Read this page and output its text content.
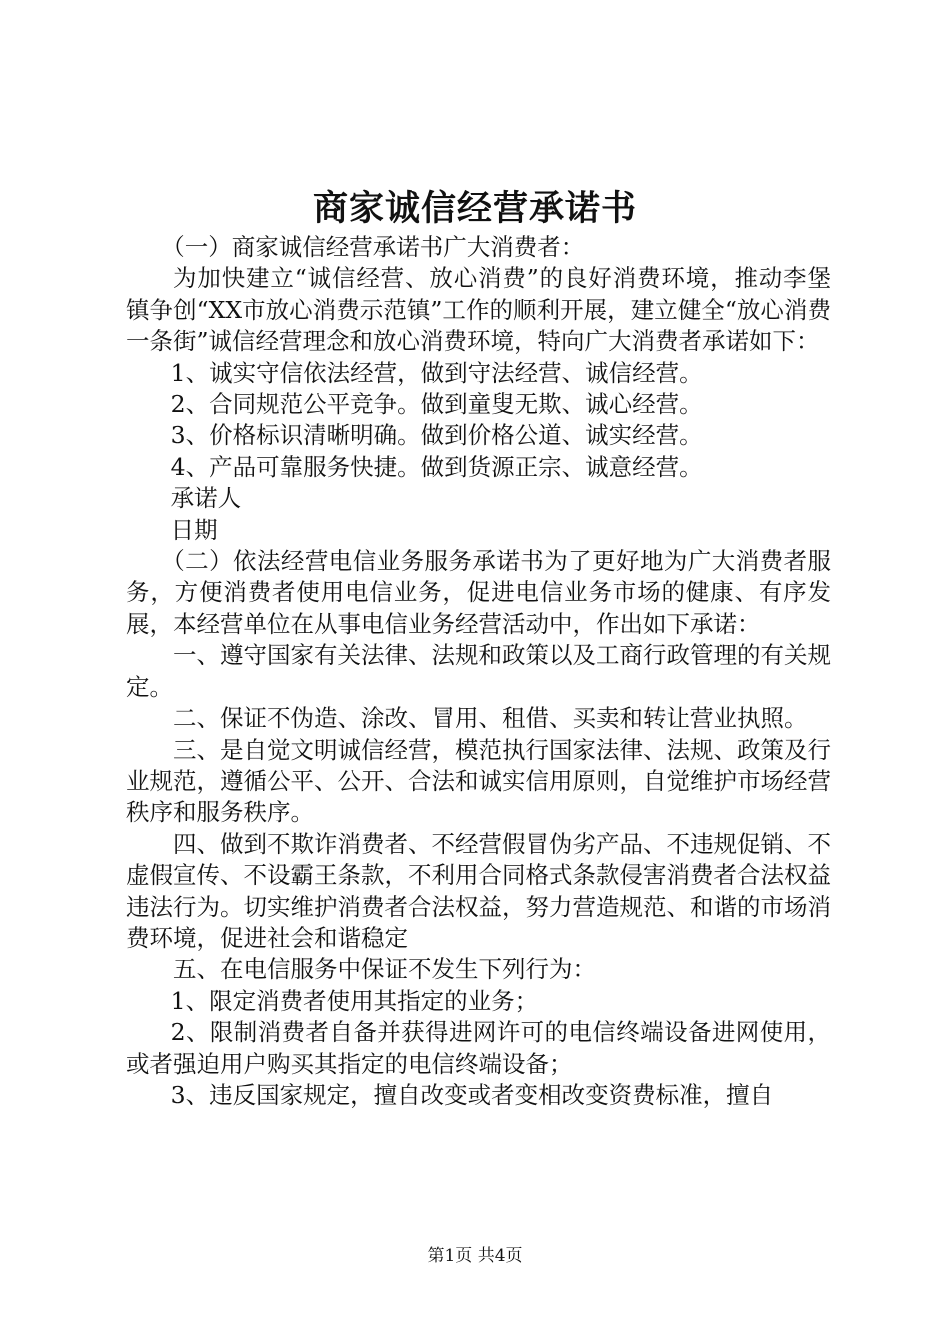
商家诚信经营承诺书

（一）商家诚信经营承诺书广大消费者：

为加快建立“诚信经营、放心消费”的良好消费环境，推动李堡镇争创“XX市放心消费示范镇”工作的顺利开展，建立健全“放心消费一条街”诚信经营理念和放心消费环境，特向广大消费者承诺如下：

1、诚实守信依法经营，做到守法经营、诚信经营。

2、合同规范公平竞争。做到童叟无欺、诚心经营。

3、价格标识清晰明确。做到价格公道、诚实经营。

4、产品可靠服务快捷。做到货源正宗、诚意经营。

承诺人

日期

（二）依法经营电信业务服务承诺书为了更好地为广大消费者服务，方便消费者使用电信业务，促进电信业务市场的健康、有序发展，本经营单位在从事电信业务经营活动中，作出如下承诺：

一、遵守国家有关法律、法规和政策以及工商行政管理的有关规定。

二、保证不伪造、涂改、冒用、租借、买卖和转让营业执照。

三、是自觉文明诚信经营，模范执行国家法律、法规、政策及行业规范，遵循公平、公开、合法和诚实信用原则，自觉维护市场经营秩序和服务秩序。

四、做到不欺诈消费者、不经营假冒伪劣产品、不违规促销、不虚假宣传、不设霸王条款，不利用合同格式条款侵害消费者合法权益违法行为。切实维护消费者合法权益，努力营造规范、和谐的市场消费环境，促进社会和谐稳定

五、在电信服务中保证不发生下列行为：

1、限定消费者使用其指定的业务；

2、限制消费者自备并获得进网许可的电信终端设备进网使用，或者强迫用户购买其指定的电信终端设备；

3、违反国家规定，擅自改变或者变相改变资费标准，擅自

第1页 共4页
